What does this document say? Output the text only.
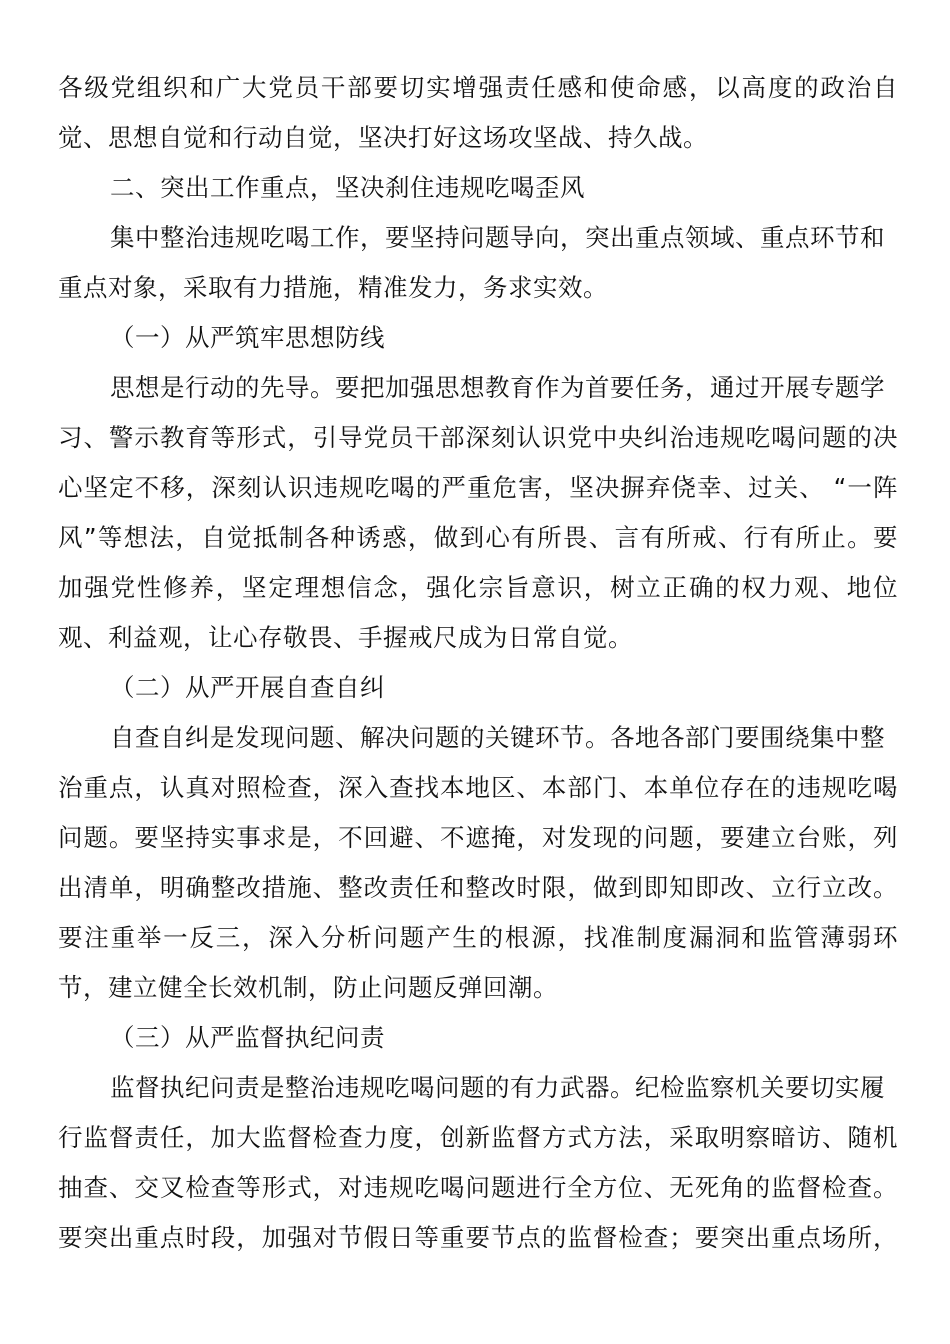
各级党组织和广大党员干部要切实增强责任感和使命感，以高度的政治自
觉、思想自觉和行动自觉，坚决打好这场攻坚战、持久战。
二、突出工作重点，坚决刹住违规吃喝歪风
集中整治违规吃喝工作，要坚持问题导向，突出重点领域、重点环节和
重点对象，采取有力措施，精准发力，务求实效。
（一）从严筑牢思想防线
思想是行动的先导。要把加强思想教育作为首要任务，通过开展专题学
习、警示教育等形式，引导党员干部深刻认识党中央纠治违规吃喝问题的决
心坚定不移，深刻认识违规吃喝的严重危害，坚决摒弃侥幸、过关、 “一阵
风”等想法，自觉抵制各种诱惑，做到心有所畏、言有所戒、行有所止。要
加强党性修养，坚定理想信念，强化宗旨意识，树立正确的权力观、地位
观、利益观，让心存敬畏、手握戒尺成为日常自觉。
（二）从严开展自查自纠
自查自纠是发现问题、解决问题的关键环节。各地各部门要围绕集中整
治重点，认真对照检查，深入查找本地区、本部门、本单位存在的违规吃喝
问题。要坚持实事求是，不回避、不遮掩，对发现的问题，要建立台账，列
出清单，明确整改措施、整改责任和整改时限，做到即知即改、立行立改。
要注重举一反三，深入分析问题产生的根源，找准制度漏洞和监管薄弱环
节，建立健全长效机制，防止问题反弹回潮。
（三）从严监督执纪问责
监督执纪问责是整治违规吃喝问题的有力武器。纪检监察机关要切实履
行监督责任，加大监督检查力度，创新监督方式方法，采取明察暗访、随机
抽查、交叉检查等形式，对违规吃喝问题进行全方位、无死角的监督检查。
要突出重点时段，加强对节假日等重要节点的监督检查；要突出重点场所，
